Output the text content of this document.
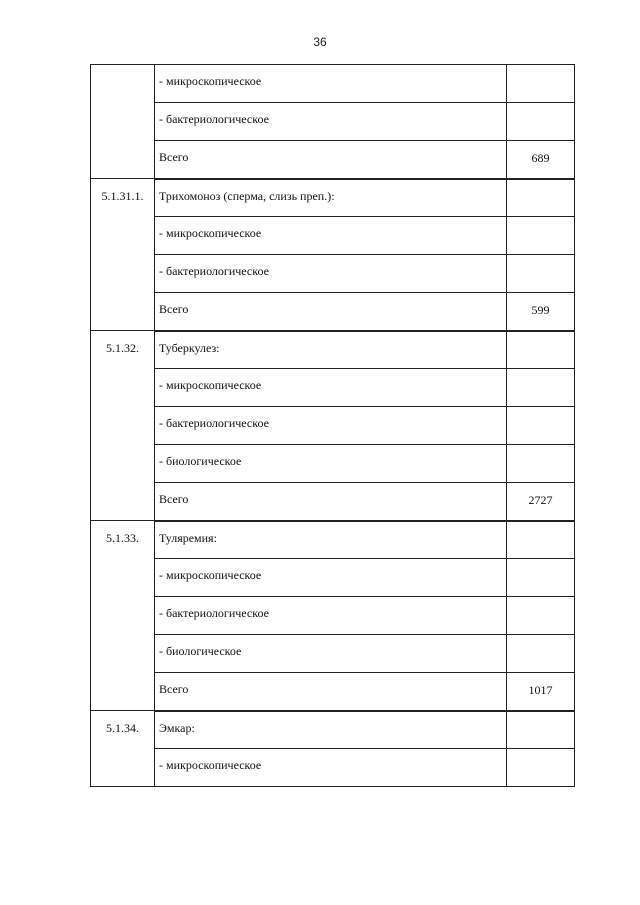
36
	- микроскопическое	
	- бактериологическое	
	Всего	689
5.1.31.1.	Трихомоноз (сперма, слизь преп.):	
	- микроскопическое	
	- бактериологическое	
	Всего	599
5.1.32.	Туберкулез:	
	- микроскопическое	
	- бактериологическое	
	- биологическое	
	Всего	2727
5.1.33.	Туляремия:	
	- микроскопическое	
	- бактериологическое	
	- биологическое	
	Всего	1017
5.1.34.	Эмкар:	
	- микроскопическое	
